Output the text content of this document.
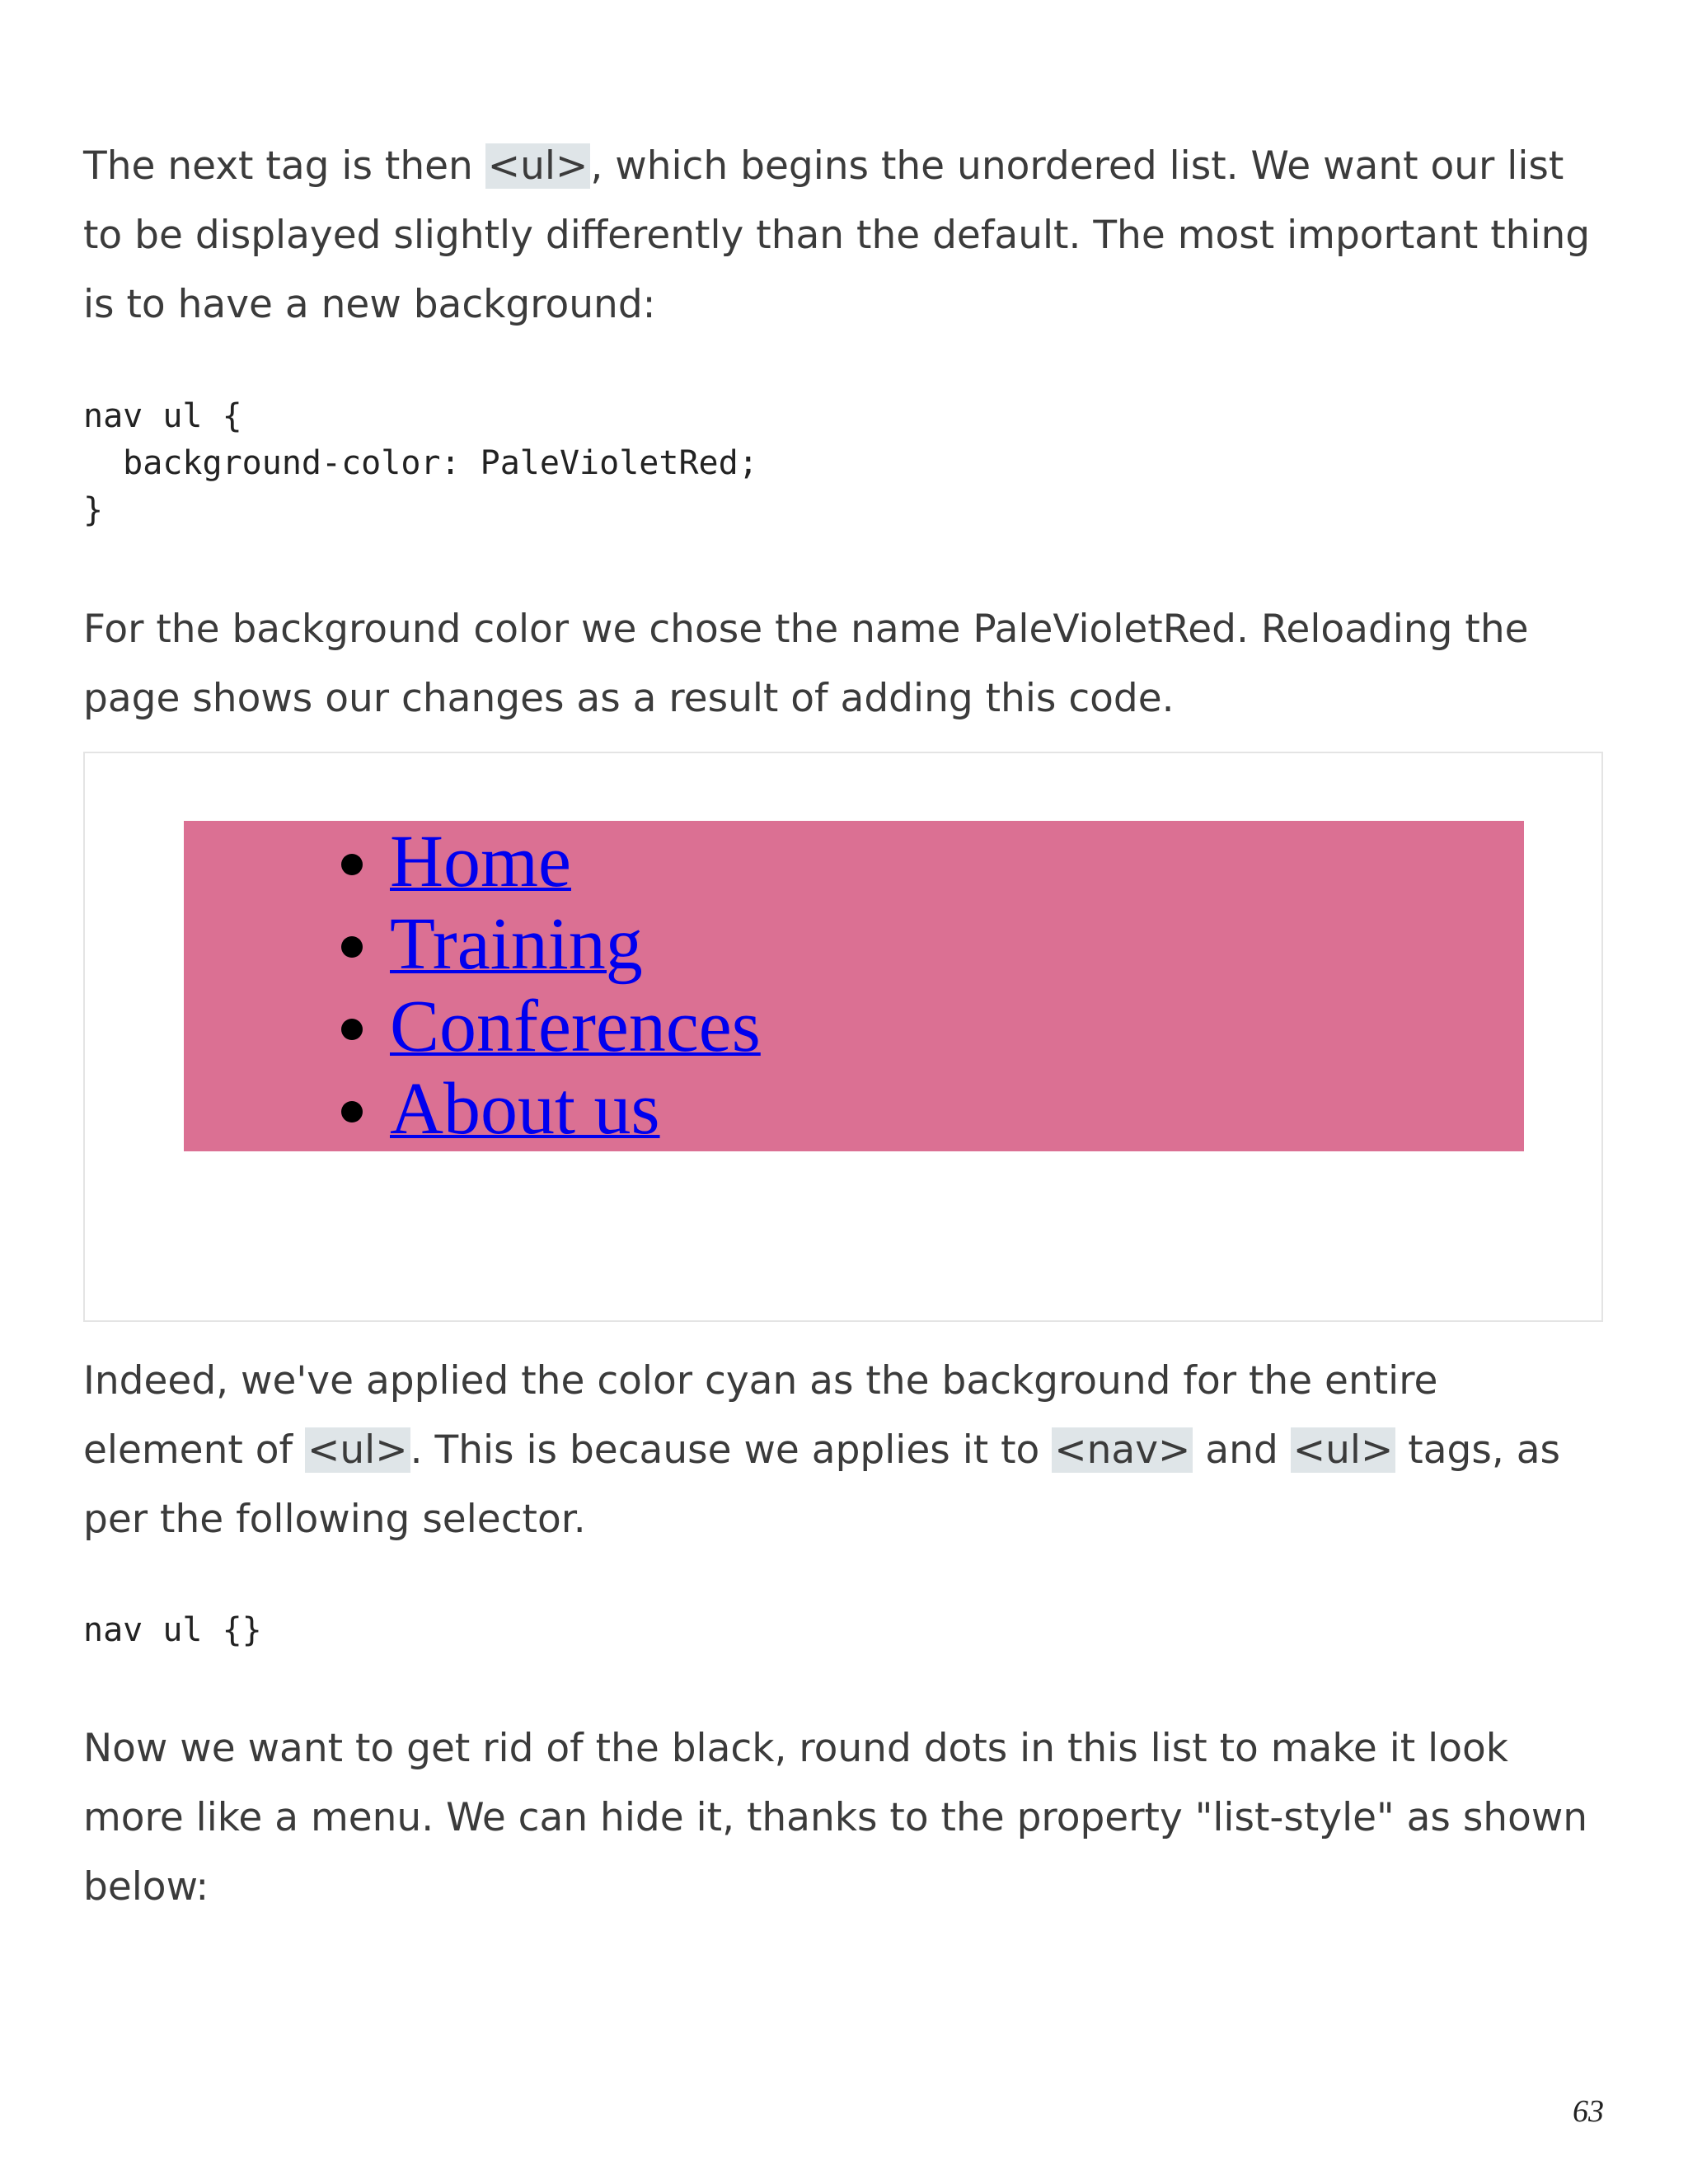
The next tag is then <ul>, which begins the unordered list. We want our list to be displayed slightly differently than the default. The most important thing is to have a new background:

nav ul {
background-color: PaleVioletRed;
}

For the background color we chose the name PaleVioletRed. Reloading the page shows our changes as a result of adding this code.

• Home
• Training
• Conferences
• About us

Indeed, we've applied the color cyan as the background for the entire element of <ul>. This is because we applies it to <nav> and <ul> tags, as per the following selector.

nav ul {}

Now we want to get rid of the black, round dots in this list to make it look more like a menu. We can hide it, thanks to the property "list-style" as shown below:

63
